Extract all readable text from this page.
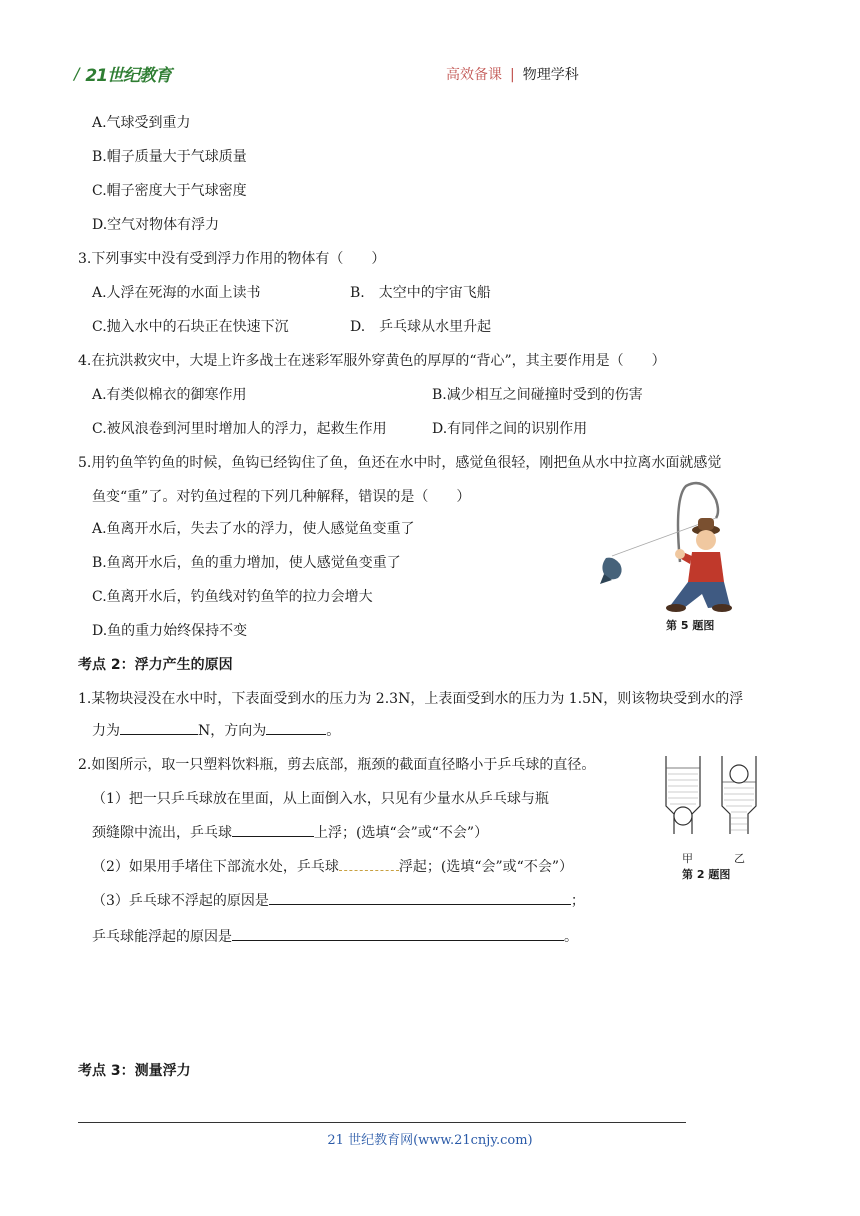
/ 21世纪教育	高效备课 | 物理学科
A.气球受到重力
B.帽子质量大于气球质量
C.帽子密度大于气球密度
D.空气对物体有浮力
3.下列事实中没有受到浮力作用的物体有（　　）
A.人浮在死海的水面上读书	B.　太空中的宇宙飞船
C.抛入水中的石块正在快速下沉	D.　乒乓球从水里升起
4.在抗洪救灾中，大堤上许多战士在迷彩军服外穿黄色的厚厚的“背心”，其主要作用是（　　）
A.有类似棉衣的御寒作用	B.减少相互之间碰撞时受到的伤害
C.被风浪卷到河里时增加人的浮力，起救生作用	D.有同伴之间的识别作用
5.用钓鱼竿钓鱼的时候，鱼钩已经钩住了鱼，鱼还在水中时，感觉鱼很轻，刚把鱼从水中拉离水面就感觉
鱼变“重”了。对钓鱼过程的下列几种解释，错误的是（　　）
A.鱼离开水后，失去了水的浮力，使人感觉鱼变重了
B.鱼离开水后，鱼的重力增加，使人感觉鱼变重了
C.鱼离开水后，钓鱼线对钓鱼竿的拉力会增大
D.鱼的重力始终保持不变	第 5 题图
考点 2：浮力产生的原因
1.某物块浸没在水中时，下表面受到水的压力为 2.3N，上表面受到水的压力为 1.5N，则该物块受到水的浮
力为	N，方向为	。
2.如图所示，取一只塑料饮料瓶，剪去底部，瓶颈的截面直径略小于乒乓球的直径。
（1）把一只乒乓球放在里面，从上面倒入水，只见有少量水从乒乓球与瓶
颈缝隙中流出，乒乓球	上浮；(选填“会”或“不会”）
（2）如果用手堵住下部流水处，乒乓球	浮起；(选填“会”或“不会”）
（3）乒乓球不浮起的原因是	；
乒乓球能浮起的原因是	。
甲	乙
第 2 题图
考点 3：测量浮力
21 世纪教育网(www.21cnjy.com)
